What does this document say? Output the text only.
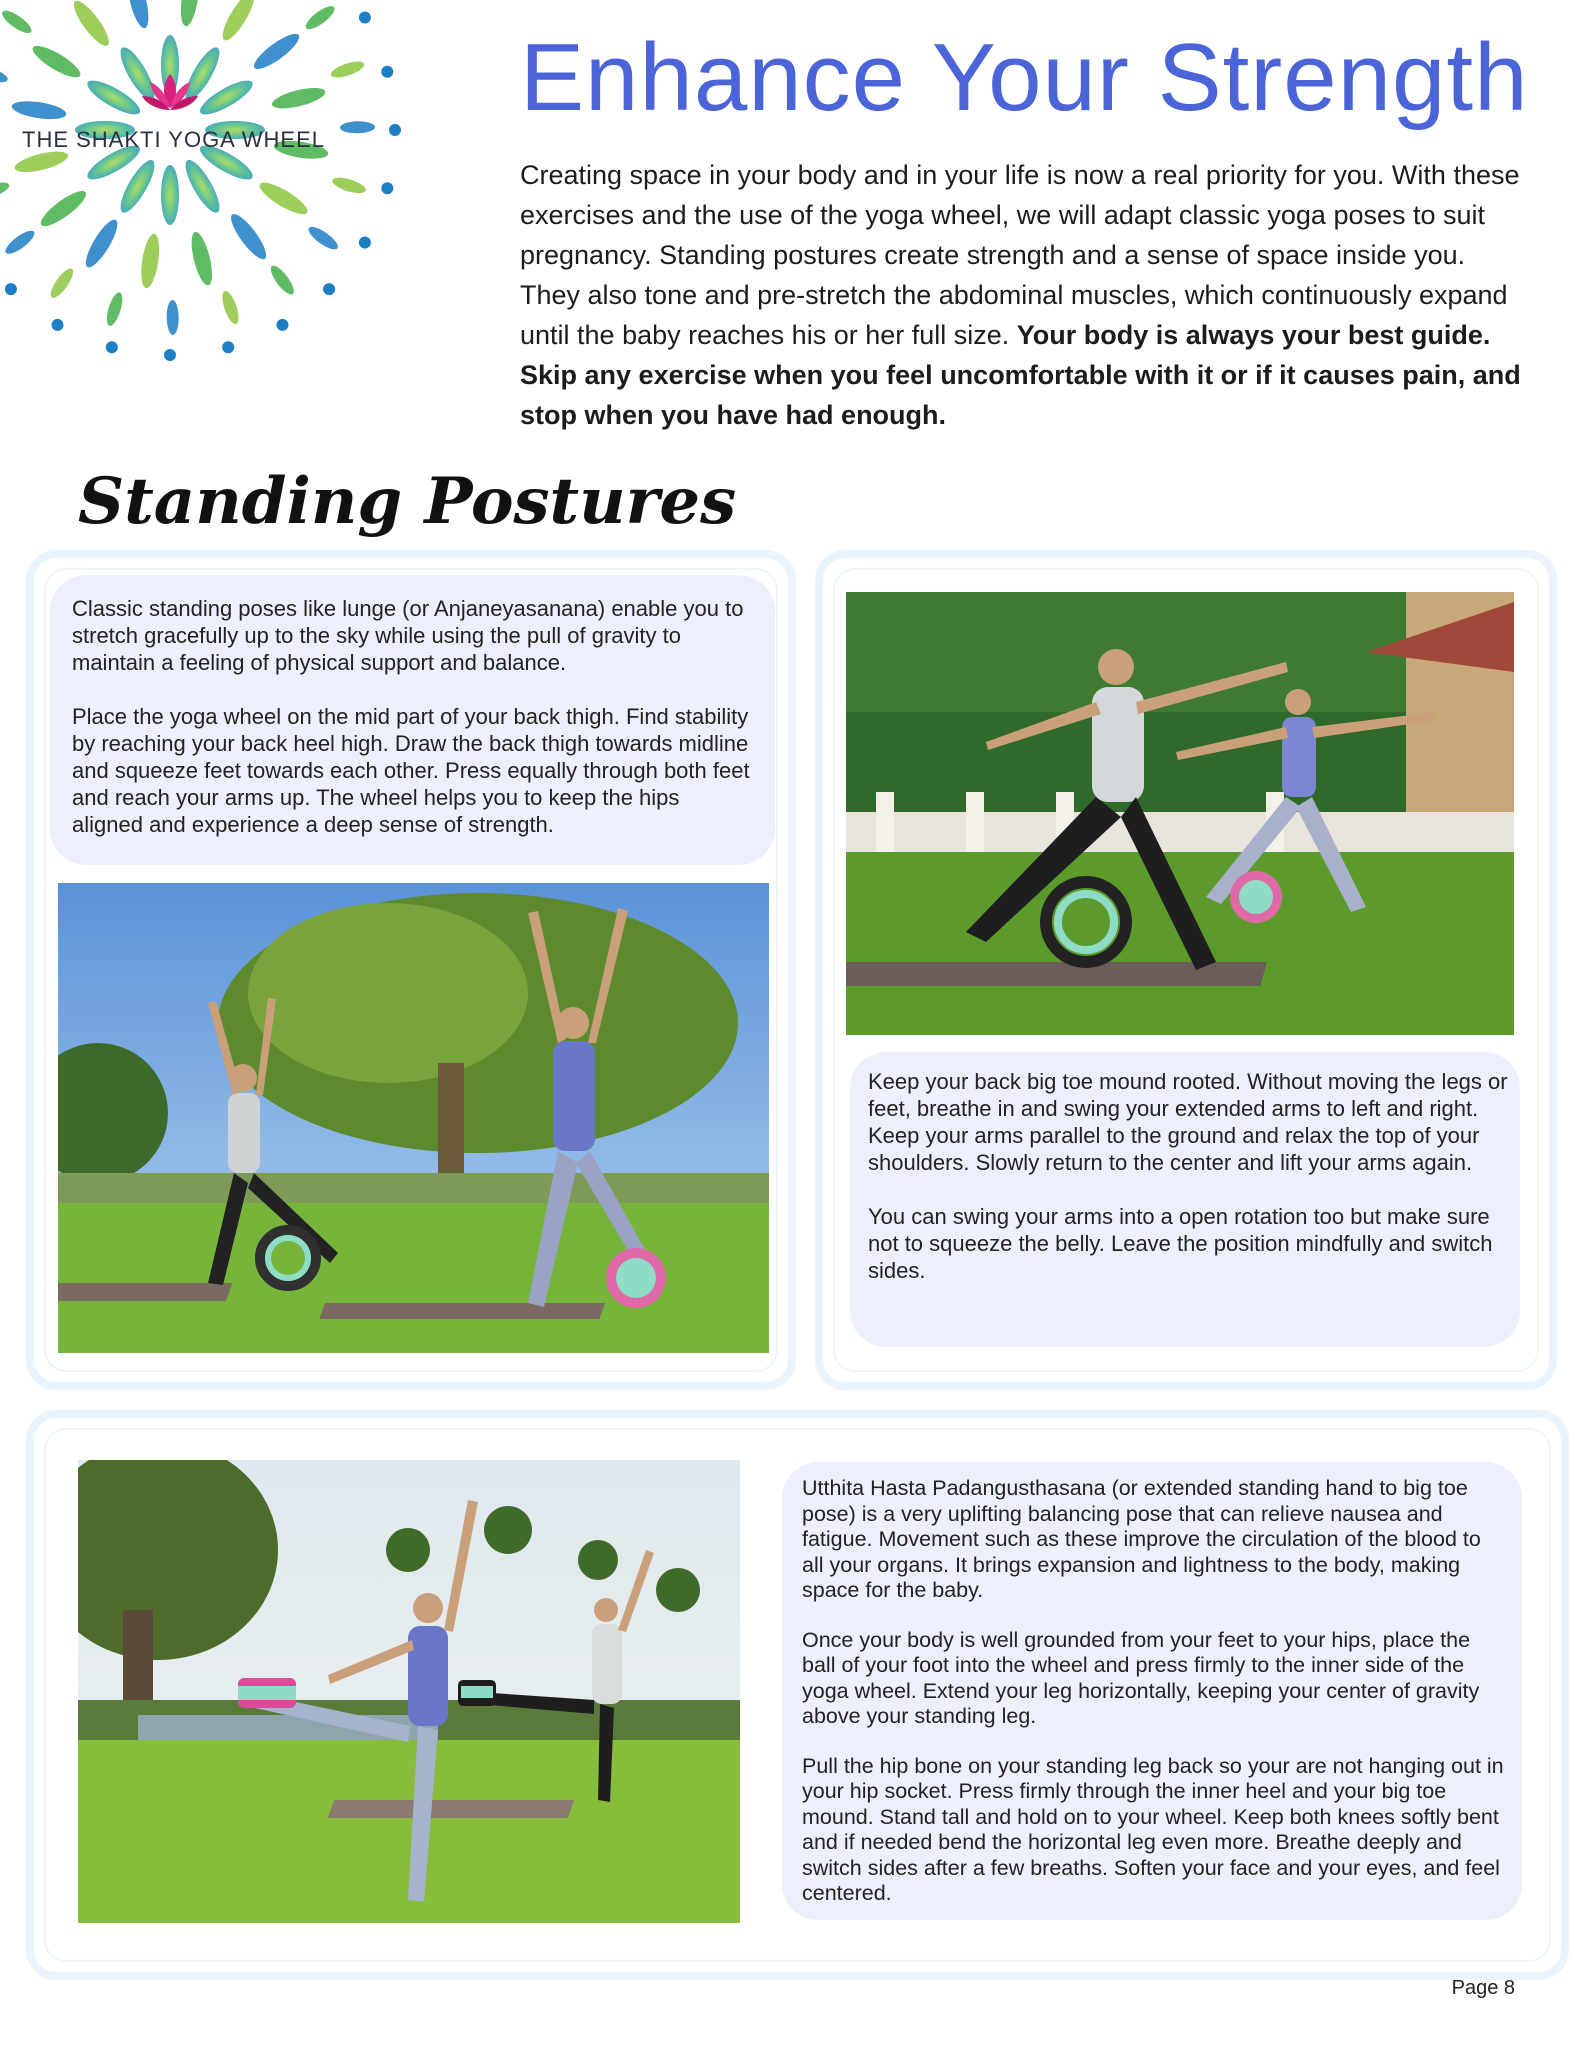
THE SHAKTI YOGA WHEEL
Enhance Your Strength

Creating space in your body and in your life is now a real priority for you. With these exercises and the use of the yoga wheel, we will adapt classic yoga poses to suit pregnancy. Standing postures create strength and a sense of space inside you. They also tone and pre-stretch the abdominal muscles, which continuously expand until the baby reaches his or her full size. Your body is always your best guide. Skip any exercise when you feel uncomfortable with it or if it causes pain, and stop when you have had enough.

Standing Postures

Classic standing poses like lunge (or Anjaneyasanana) enable you to stretch gracefully up to the sky while using the pull of gravity to maintain a feeling of physical support and balance.

Place the yoga wheel on the mid part of your back thigh. Find stability by reaching your back heel high. Draw the back thigh towards midline and squeeze feet towards each other. Press equally through both feet and reach your arms up. The wheel helps you to keep the hips aligned and experience a deep sense of strength.

Keep your back big toe mound rooted. Without moving the legs or feet, breathe in and swing your extended arms to left and right. Keep your arms parallel to the ground and relax the top of your shoulders. Slowly return to the center and lift your arms again.

You can swing your arms into a open rotation too but make sure not to squeeze the belly. Leave the position mindfully and switch sides.

Utthita Hasta Padangusthasana (or extended standing hand to big toe pose) is a very uplifting balancing pose that can relieve nausea and fatigue. Movement such as these improve the circulation of the blood to all your organs. It brings expansion and lightness to the body, making space for the baby.

Once your body is well grounded from your feet to your hips, place the ball of your foot into the wheel and press firmly to the inner side of the yoga wheel. Extend your leg horizontally, keeping your center of gravity above your standing leg.

Pull the hip bone on your standing leg back so your are not hanging out in your hip socket. Press firmly through the inner heel and your big toe mound. Stand tall and hold on to your wheel. Keep both knees softly bent and if needed bend the horizontal leg even more. Breathe deeply and switch sides after a few breaths. Soften your face and your eyes, and feel centered.

Page 8
